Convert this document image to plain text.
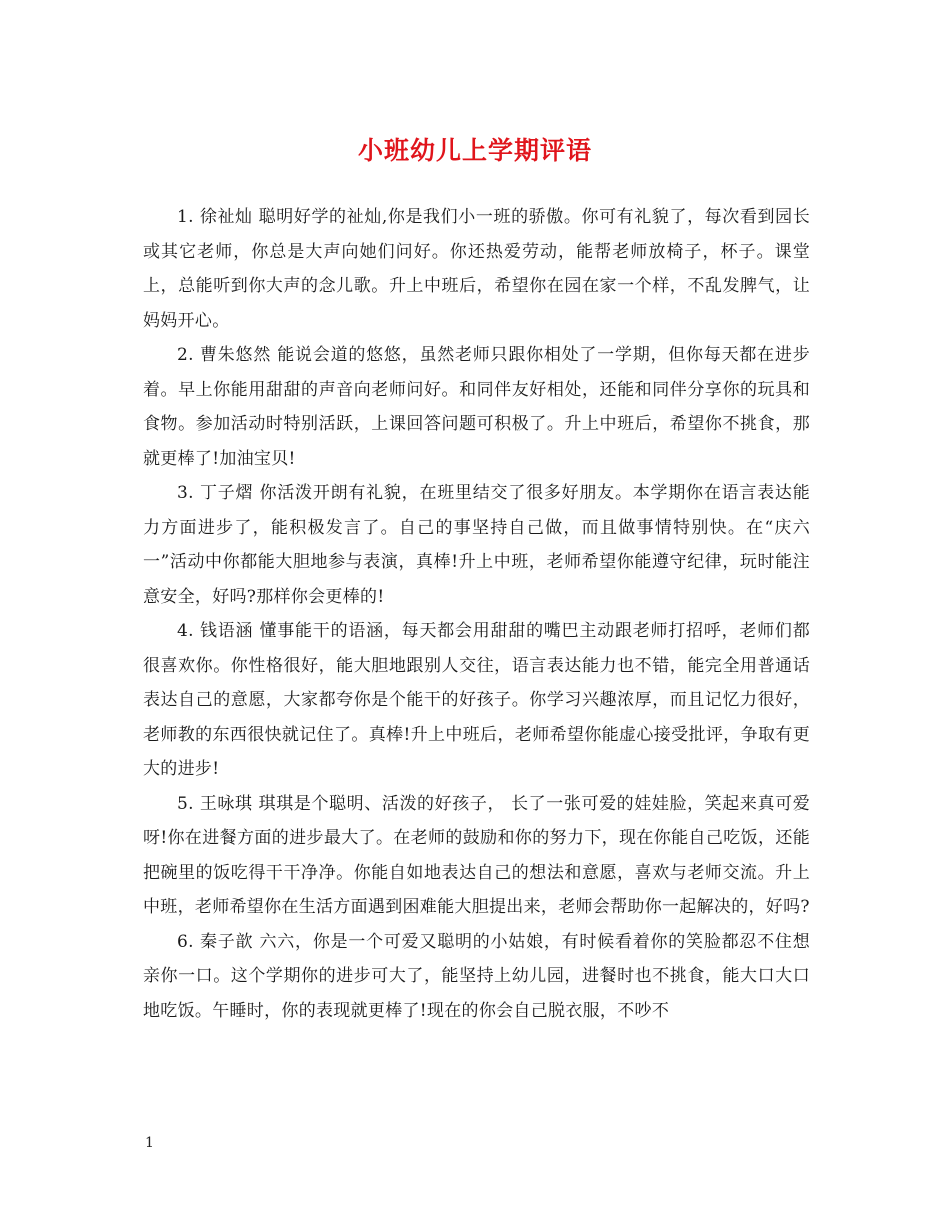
小班幼儿上学期评语

1. 徐祉灿 聪明好学的祉灿,你是我们小一班的骄傲。你可有礼貌了，每次看到园长或其它老师，你总是大声向她们问好。你还热爱劳动，能帮老师放椅子，杯子。课堂上，总能听到你大声的念儿歌。升上中班后，希望你在园在家一个样，不乱发脾气，让妈妈开心。

2. 曹朱悠然 能说会道的悠悠，虽然老师只跟你相处了一学期，但你每天都在进步着。早上你能用甜甜的声音向老师问好。和同伴友好相处，还能和同伴分享你的玩具和食物。参加活动时特别活跃，上课回答问题可积极了。升上中班后，希望你不挑食，那就更棒了!加油宝贝!

3. 丁子熠 你活泼开朗有礼貌，在班里结交了很多好朋友。本学期你在语言表达能力方面进步了，能积极发言了。自己的事坚持自己做，而且做事情特别快。在“庆六一”活动中你都能大胆地参与表演，真棒!升上中班，老师希望你能遵守纪律，玩时能注意安全，好吗?那样你会更棒的!

4. 钱语涵 懂事能干的语涵，每天都会用甜甜的嘴巴主动跟老师打招呼，老师们都很喜欢你。你性格很好，能大胆地跟别人交往，语言表达能力也不错，能完全用普通话表达自己的意愿，大家都夸你是个能干的好孩子。你学习兴趣浓厚，而且记忆力很好，老师教的东西很快就记住了。真棒!升上中班后，老师希望你能虚心接受批评，争取有更大的进步!

5. 王咏琪 琪琪是个聪明、活泼的好孩子， 长了一张可爱的娃娃脸，笑起来真可爱呀!你在进餐方面的进步最大了。在老师的鼓励和你的努力下，现在你能自己吃饭，还能把碗里的饭吃得干干净净。你能自如地表达自己的想法和意愿，喜欢与老师交流。升上中班，老师希望你在生活方面遇到困难能大胆提出来，老师会帮助你一起解决的，好吗?

6. 秦子歆 六六，你是一个可爱又聪明的小姑娘，有时候看着你的笑脸都忍不住想亲你一口。这个学期你的进步可大了，能坚持上幼儿园，进餐时也不挑食，能大口大口地吃饭。午睡时，你的表现就更棒了!现在的你会自己脱衣服，不吵不

1
